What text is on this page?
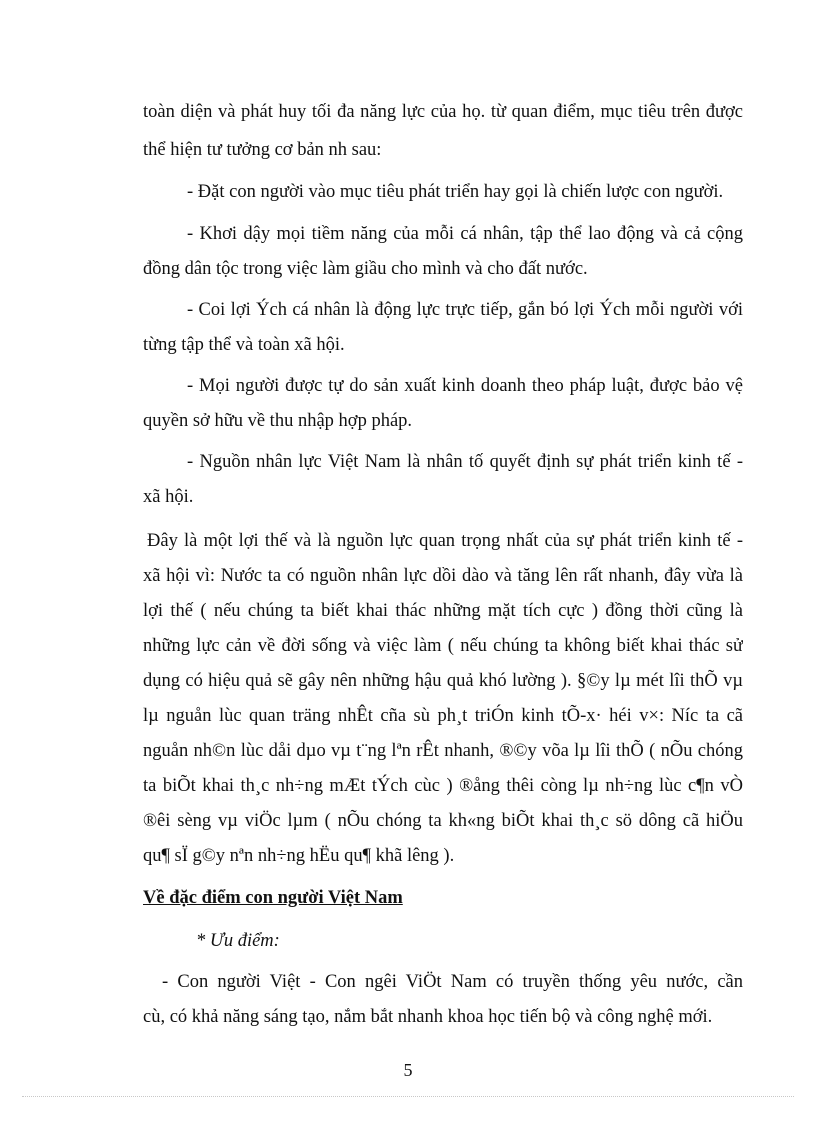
toàn diện và phát huy tối đa năng lực của họ. từ quan điểm, mục tiêu trên được
thể hiện tư tưởng cơ bản nh sau:
- Đặt con người vào mục tiêu phát triển hay gọi là chiến lược con người.
- Khơi dậy mọi tiềm năng của mỗi cá nhân, tập thể lao động và cả cộng
đồng dân tộc trong việc làm giầu cho mình và cho đất nước.
- Coi lợi Ých cá nhân là động lực trực tiếp, gắn bó lợi Ých mỗi người với
từng tập thể và toàn xã hội.
- Mọi người được tự do sản xuất kinh doanh theo pháp luật, được bảo vệ
quyền sở hữu về thu nhập hợp pháp.
- Nguồn nhân lực Việt Nam là nhân tố quyết định sự phát triển kinh tế -
xã hội.
Đây là một lợi thế và là nguồn lực quan trọng nhất của sự phát triển kinh tế -
xã hội vì: Nước ta có nguồn nhân lực dồi dào và tăng lên rất nhanh, đây vừa là
lợi thế ( nếu chúng ta biết khai thác những mặt tích cực ) đồng thời cũng là
những lực cản về đời sống và việc làm ( nếu chúng ta không biết khai thác sử
dụng có hiệu quả sẽ gây nên những hậu quả khó lường ). §©y lµ mét lîi thÕ vµ
lµ nguån lùc quan träng nhÊt cña sù ph¸t triÓn kinh tÕ-x· héi v×: Níc ta cã
nguån nh©n lùc dåi dµo vµ t¨ng lªn rÊt nhanh, ®©y võa lµ lîi thÕ ( nÕu chóng
ta biÕt khai th¸c nh÷ng mÆt tÝch cùc ) ®ång thêi còng lµ nh÷ng lùc c¶n vÒ
®êi sèng vµ viÖc lµm ( nÕu chóng ta kh«ng biÕt khai th¸c sö dông cã hiÖu
qu¶ sÏ g©y nªn nh÷ng hËu qu¶ khã lêng ).
Về đặc điểm con người Việt Nam
* Ưu điểm:
- Con người Việt - Con ngêi ViÖt Nam có truyền thống yêu nước, cần
cù, có khả năng sáng tạo, nắm bắt nhanh khoa học tiến bộ và công nghệ mới.
5
